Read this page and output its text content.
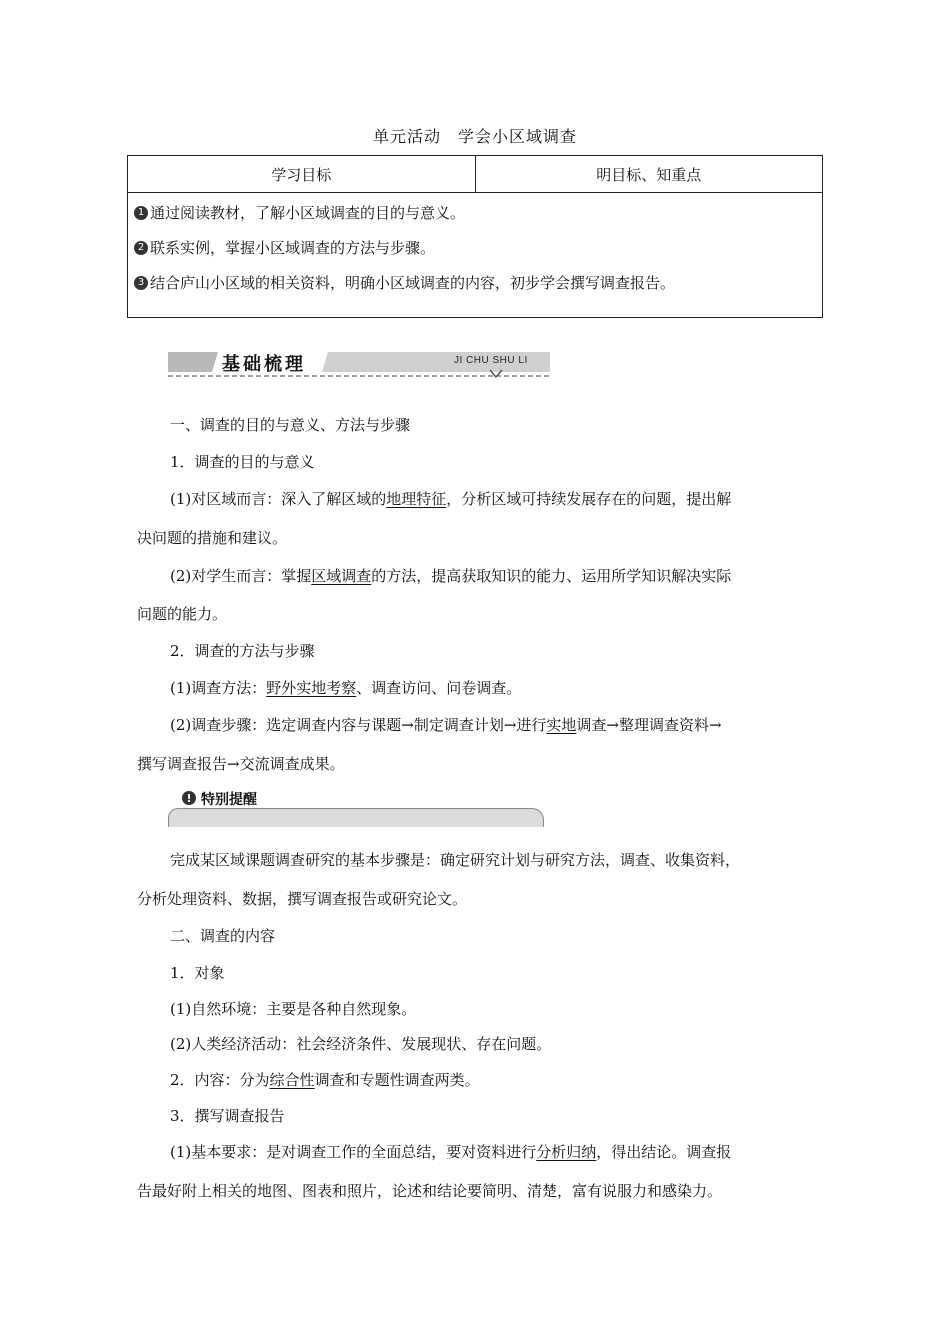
单元活动　学会小区域调查
学习目标	明目标、知重点
1 通过阅读教材，了解小区域调查的目的与意义。
2 联系实例，掌握小区域调查的方法与步骤。
3 结合庐山小区域的相关资料，明确小区域调查的内容，初步学会撰写调查报告。
基础梳理	JI CHU SHU LI
一、调查的目的与意义、方法与步骤
1．调查的目的与意义
(1)对区域而言：深入了解区域的地理特征，分析区域可持续发展存在的问题，提出解
决问题的措施和建议。
(2)对学生而言：掌握区域调查的方法，提高获取知识的能力、运用所学知识解决实际
问题的能力。
2．调查的方法与步骤
(1)调查方法：野外实地考察、调查访问、问卷调查。
(2)调查步骤：选定调查内容与课题→制定调查计划→进行实地调查→整理调查资料→
撰写调查报告→交流调查成果。
! 特别提醒
完成某区域课题调查研究的基本步骤是：确定研究计划与研究方法，调查、收集资料，
分析处理资料、数据，撰写调查报告或研究论文。
二、调查的内容
1．对象
(1)自然环境：主要是各种自然现象。
(2)人类经济活动：社会经济条件、发展现状、存在问题。
2．内容：分为综合性调查和专题性调查两类。
3．撰写调查报告
(1)基本要求：是对调查工作的全面总结，要对资料进行分析归纳，得出结论。调查报
告最好附上相关的地图、图表和照片，论述和结论要简明、清楚，富有说服力和感染力。
